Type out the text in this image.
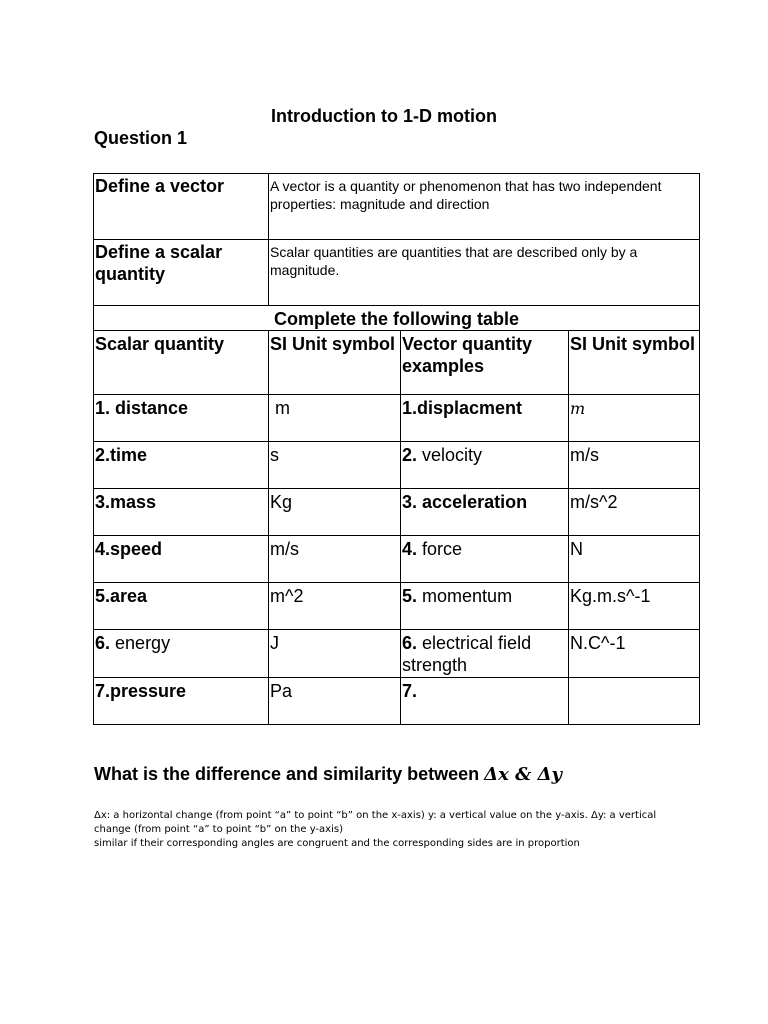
Introduction to 1-D motion
Question 1
Define a vector	A vector is a quantity or phenomenon that has two independent properties: magnitude and direction		
Define a scalar quantity	Scalar quantities are quantities that are described only by a magnitude.		
Complete the following table			
Scalar quantity	SI Unit symbol	Vector quantity examples	SI Unit symbol
1. distance	m	1.displacment	m
2.time	s	2. velocity	m/s
3.mass	Kg	3. acceleration	m/s^2
4.speed	m/s	4. force	N
5.area	m^2	5. momentum	Kg.m.s^-1
6. energy	J	6. electrical field strength	N.C^-1
7.pressure	Pa	7.	
What is the difference and similarity between Δx & Δy
Δx: a horizontal change (from point “a” to point “b” on the x-axis) y: a vertical value on the y-axis. Δy: a vertical change (from point “a” to point “b” on the y-axis)
similar if their corresponding angles are congruent and the corresponding sides are in proportion
